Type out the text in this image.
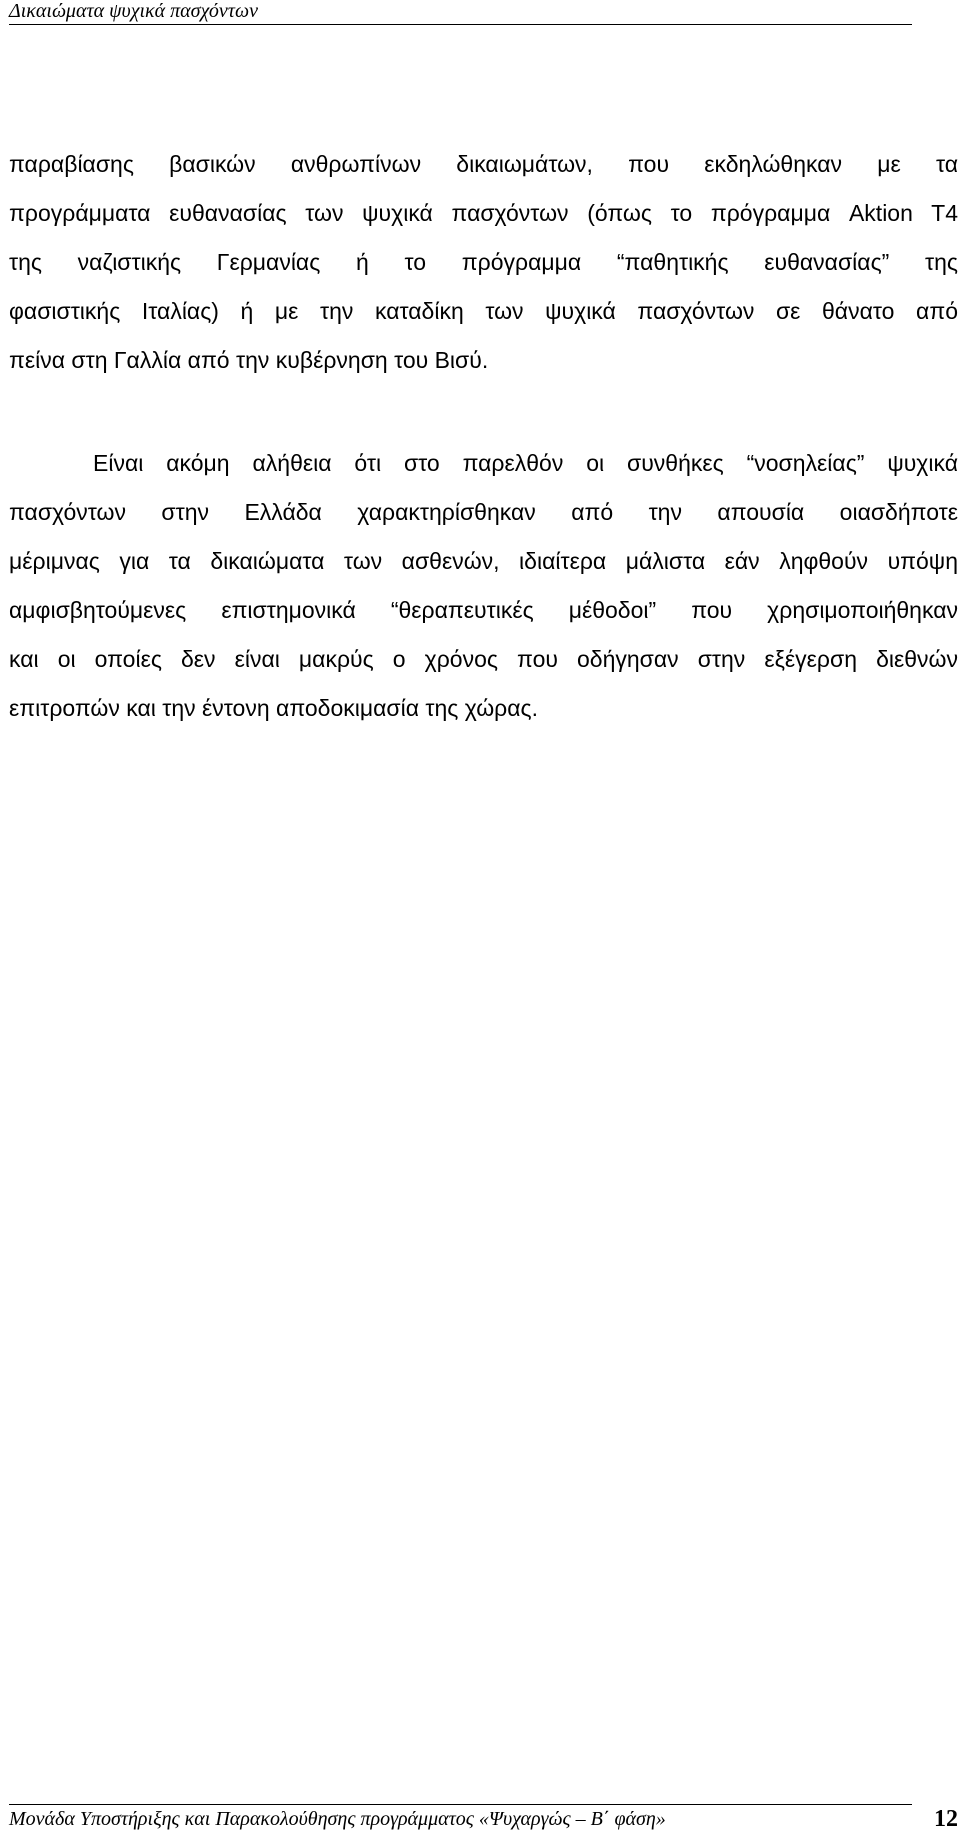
Δικαιώματα ψυχικά πασχόντων
παραβίασης βασικών ανθρωπίνων δικαιωμάτων, που εκδηλώθηκαν με τα
προγράμματα ευθανασίας των ψυχικά πασχόντων (όπως το πρόγραμμα Aktion T4
της ναζιστικής Γερμανίας ή το πρόγραμμα “παθητικής ευθανασίας” της
φασιστικής Ιταλίας) ή με την καταδίκη των ψυχικά πασχόντων σε θάνατο από
πείνα στη Γαλλία από την κυβέρνηση του Βισύ.
Είναι ακόμη αλήθεια ότι στο παρελθόν οι συνθήκες “νοσηλείας” ψυχικά
πασχόντων στην Ελλάδα χαρακτηρίσθηκαν από την απουσία οιασδήποτε
μέριμνας για τα δικαιώματα των ασθενών, ιδιαίτερα μάλιστα εάν ληφθούν υπόψη
αμφισβητούμενες επιστημονικά “θεραπευτικές μέθοδοι” που χρησιμοποιήθηκαν
και οι οποίες δεν είναι μακρύς ο χρόνος που οδήγησαν στην εξέγερση διεθνών
επιτροπών και την έντονη αποδοκιμασία της χώρας.
Μονάδα Υποστήριξης και Παρακολούθησης προγράμματος «Ψυχαργώς – Β΄ φάση»	12
